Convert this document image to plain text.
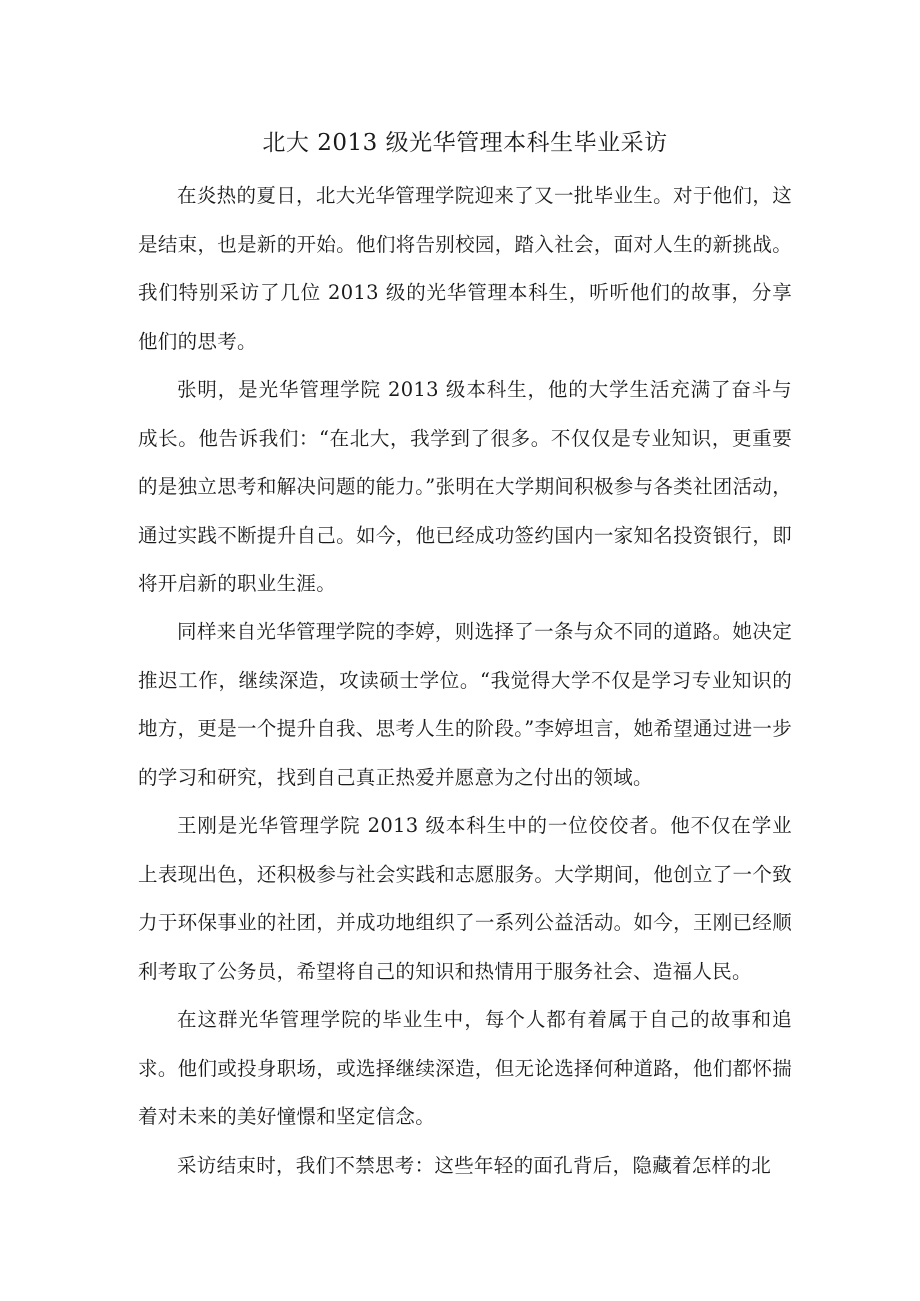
北大 2013 级光华管理本科生毕业采访

在炎热的夏日，北大光华管理学院迎来了又一批毕业生。对于他们，这是结束，也是新的开始。他们将告别校园，踏入社会，面对人生的新挑战。我们特别采访了几位 2013 级的光华管理本科生，听听他们的故事，分享他们的思考。

张明，是光华管理学院 2013 级本科生，他的大学生活充满了奋斗与成长。他告诉我们：“在北大，我学到了很多。不仅仅是专业知识，更重要的是独立思考和解决问题的能力。”张明在大学期间积极参与各类社团活动，通过实践不断提升自己。如今，他已经成功签约国内一家知名投资银行，即将开启新的职业生涯。

同样来自光华管理学院的李婷，则选择了一条与众不同的道路。她决定推迟工作，继续深造，攻读硕士学位。“我觉得大学不仅是学习专业知识的地方，更是一个提升自我、思考人生的阶段。”李婷坦言，她希望通过进一步的学习和研究，找到自己真正热爱并愿意为之付出的领域。

王刚是光华管理学院 2013 级本科生中的一位佼佼者。他不仅在学业上表现出色，还积极参与社会实践和志愿服务。大学期间，他创立了一个致力于环保事业的社团，并成功地组织了一系列公益活动。如今，王刚已经顺利考取了公务员，希望将自己的知识和热情用于服务社会、造福人民。

在这群光华管理学院的毕业生中，每个人都有着属于自己的故事和追求。他们或投身职场，或选择继续深造，但无论选择何种道路，他们都怀揣着对未来的美好憧憬和坚定信念。

采访结束时，我们不禁思考：这些年轻的面孔背后，隐藏着怎样的北
